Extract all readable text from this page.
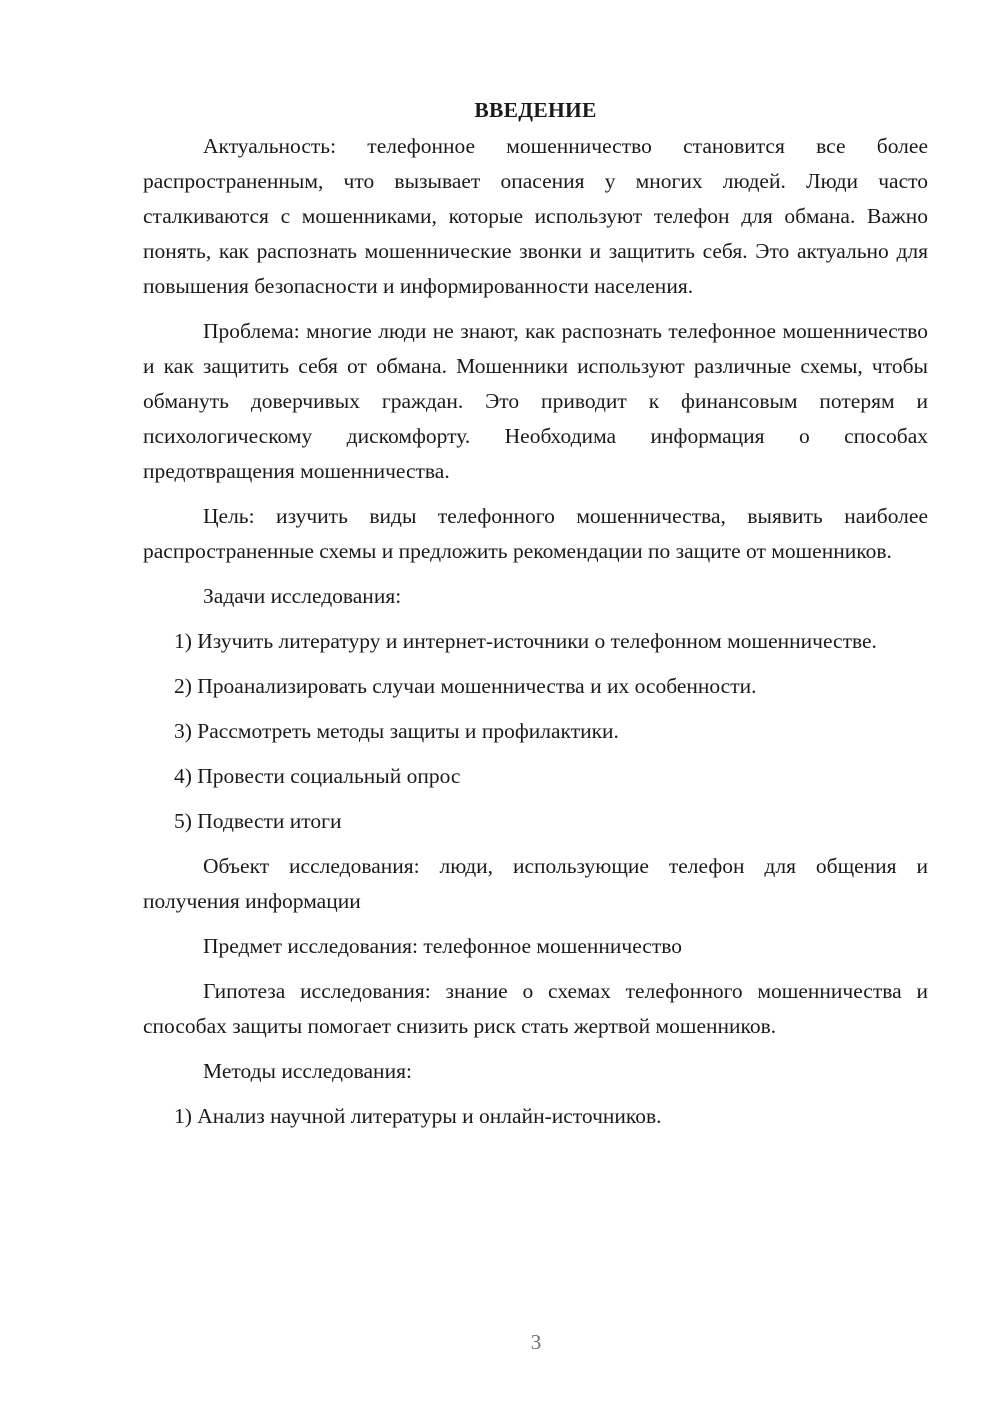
ВВЕДЕНИЕ

Актуальность: телефонное мошенничество становится все более распространенным, что вызывает опасения у многих людей. Люди часто сталкиваются с мошенниками, которые используют телефон для обмана. Важно понять, как распознать мошеннические звонки и защитить себя. Это актуально для повышения безопасности и информированности населения.

Проблема: многие люди не знают, как распознать телефонное мошенничество и как защитить себя от обмана. Мошенники используют различные схемы, чтобы обмануть доверчивых граждан. Это приводит к финансовым потерям и психологическому дискомфорту. Необходима информация о способах предотвращения мошенничества.

Цель: изучить виды телефонного мошенничества, выявить наиболее распространенные схемы и предложить рекомендации по защите от мошенников.

Задачи исследования:

1) Изучить литературу и интернет-источники о телефонном мошенничестве.

2) Проанализировать случаи мошенничества и их особенности.

3) Рассмотреть методы защиты и профилактики.

4) Провести социальный опрос

5) Подвести итоги

Объект исследования: люди, использующие телефон для общения и получения информации

Предмет исследования: телефонное мошенничество

Гипотеза исследования: знание о схемах телефонного мошенничества и способах защиты помогает снизить риск стать жертвой мошенников.

Методы исследования:

1) Анализ научной литературы и онлайн-источников.

3
